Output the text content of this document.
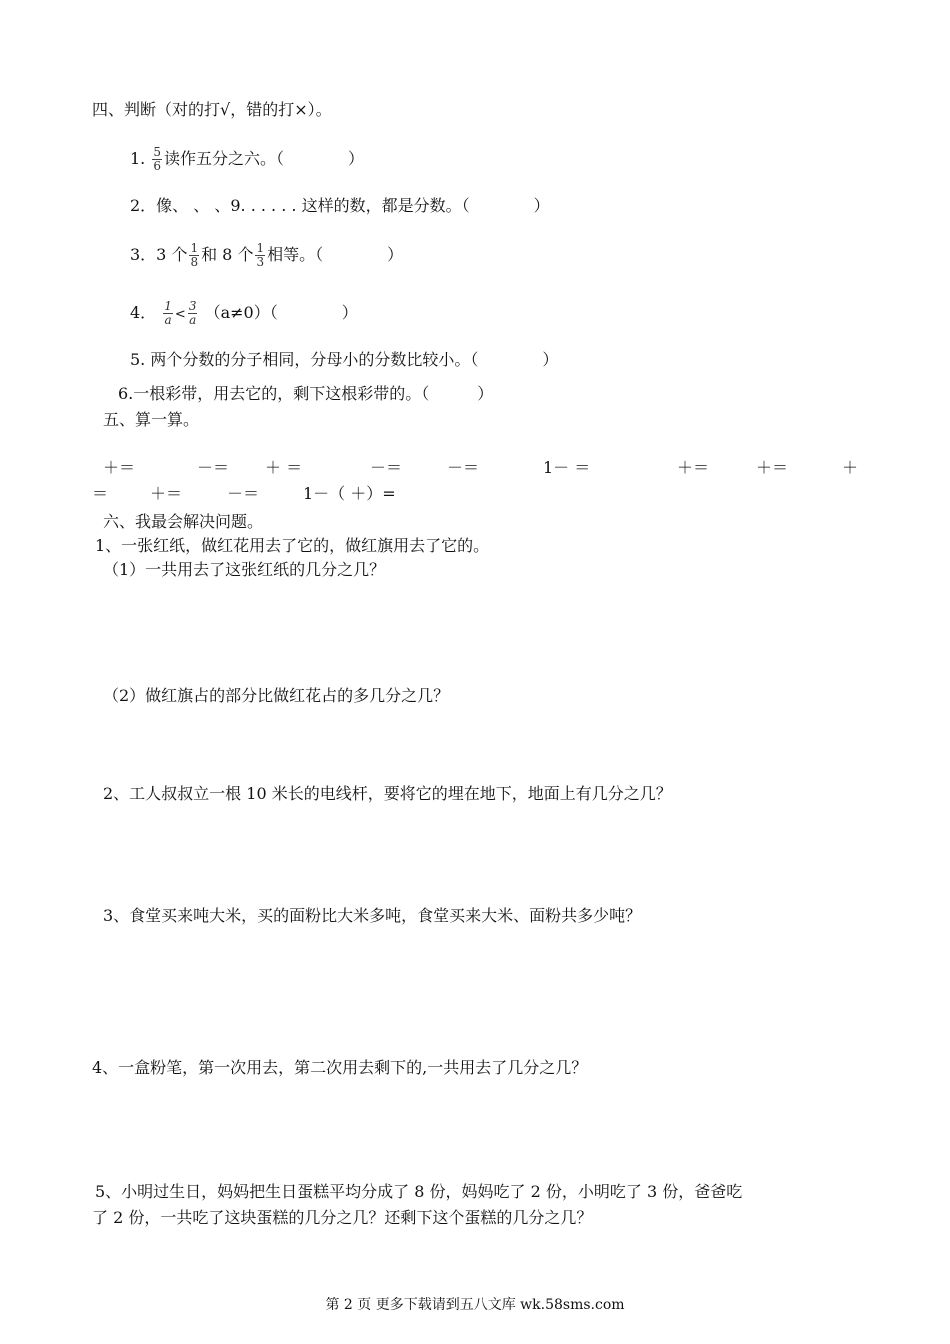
四、判断（对的打√，错的打×）。
1. $\frac{5}{6}$ 读作五分之六。（　　　　）
2．像、 、 、9. . . . . . 这样的数，都是分数。（　　　　）
3．3 个 $\frac{1}{8}$ 和 8 个 $\frac{1}{3}$ 相等。（　　　　）
4． $\frac{1}{a} < \frac{3}{a} (a\ne 0)$（　　　　）
5. 两个分数的分子相同，分母小的分数比较小。（　　　　）
6.一根彩带，用去它的，剩下这根彩带的。（　　　）
五、算一算。
＋＝	－＝ ＋ ＝	－＝	－＝	1－ ＝	＋＝	＋＝	＋
＝	＋＝	－＝	1－（ ＋）=
六、我最会解决问题。
1、一张红纸，做红花用去了它的，做红旗用去了它的。
（1）一共用去了这张红纸的几分之几？
（2）做红旗占的部分比做红花占的多几分之几？
2、工人叔叔立一根 10 米长的电线杆，要将它的埋在地下，地面上有几分之几？
3、食堂买来吨大米，买的面粉比大米多吨，食堂买来大米、面粉共多少吨？
4、一盒粉笔，第一次用去，第二次用去剩下的,一共用去了几分之几？
5、小明过生日，妈妈把生日蛋糕平均分成了 8 份，妈妈吃了 2 份，小明吃了 3 份，爸爸吃
了 2 份，一共吃了这块蛋糕的几分之几？还剩下这个蛋糕的几分之几？
第 2 页 更多下载请到五八文库 wk.58sms.com
